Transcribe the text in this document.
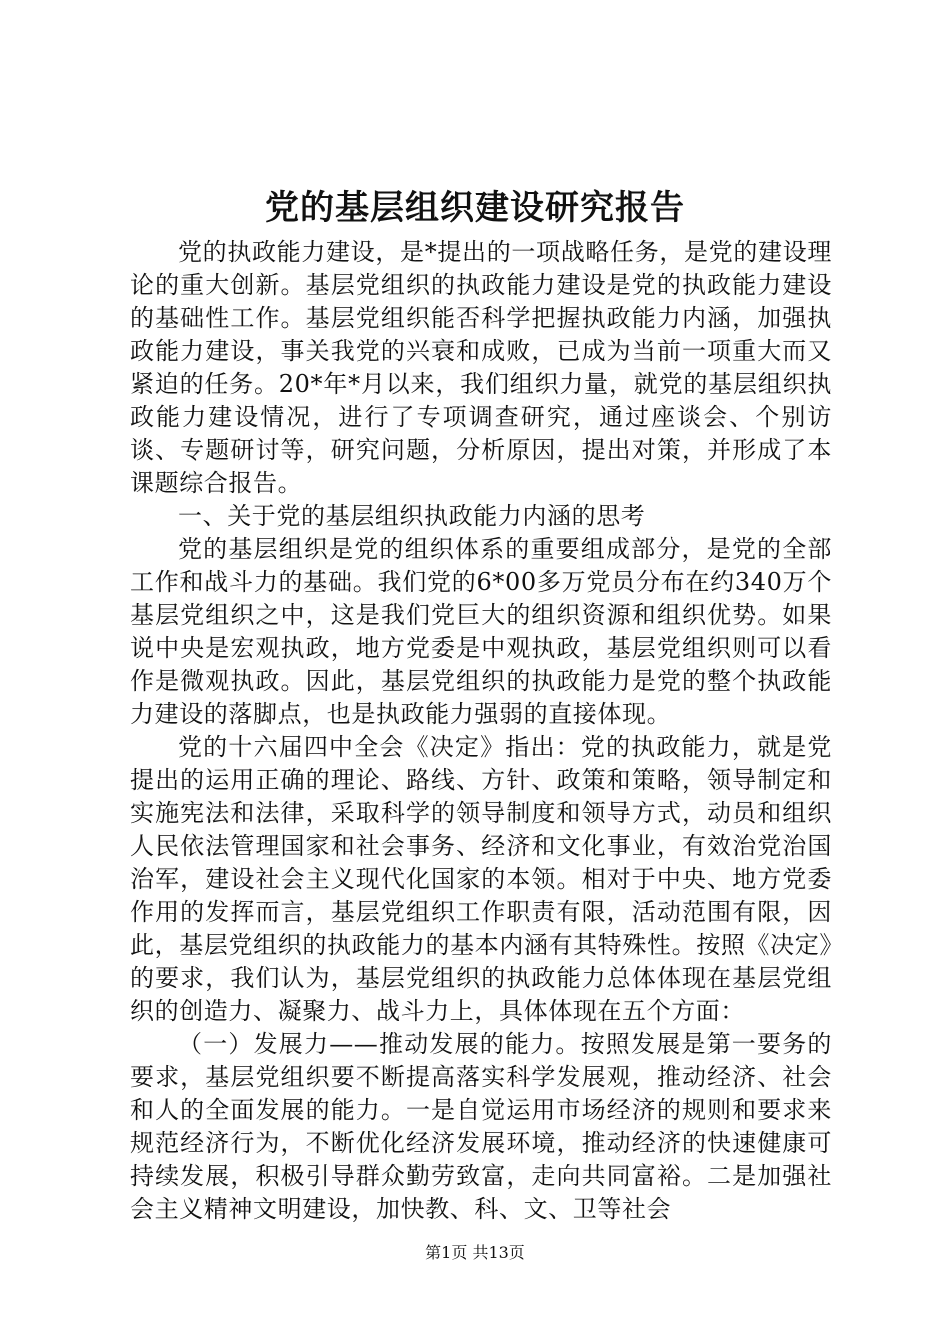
党的基层组织建设研究报告

党的执政能力建设，是*提出的一项战略任务，是党的建设理论的重大创新。基层党组织的执政能力建设是党的执政能力建设的基础性工作。基层党组织能否科学把握执政能力内涵，加强执政能力建设，事关我党的兴衰和成败，已成为当前一项重大而又紧迫的任务。20*年*月以来，我们组织力量，就党的基层组织执政能力建设情况，进行了专项调查研究，通过座谈会、个别访谈、专题研讨等，研究问题，分析原因，提出对策，并形成了本课题综合报告。

一、关于党的基层组织执政能力内涵的思考

党的基层组织是党的组织体系的重要组成部分，是党的全部工作和战斗力的基础。我们党的6*00多万党员分布在约340万个基层党组织之中，这是我们党巨大的组织资源和组织优势。如果说中央是宏观执政，地方党委是中观执政，基层党组织则可以看作是微观执政。因此，基层党组织的执政能力是党的整个执政能力建设的落脚点，也是执政能力强弱的直接体现。

党的十六届四中全会《决定》指出：党的执政能力，就是党提出的运用正确的理论、路线、方针、政策和策略，领导制定和实施宪法和法律，采取科学的领导制度和领导方式，动员和组织人民依法管理国家和社会事务、经济和文化事业，有效治党治国治军，建设社会主义现代化国家的本领。相对于中央、地方党委作用的发挥而言，基层党组织工作职责有限，活动范围有限，因此，基层党组织的执政能力的基本内涵有其特殊性。按照《决定》的要求，我们认为，基层党组织的执政能力总体体现在基层党组织的创造力、凝聚力、战斗力上，具体体现在五个方面：

（一）发展力——推动发展的能力。按照发展是第一要务的要求，基层党组织要不断提高落实科学发展观，推动经济、社会和人的全面发展的能力。一是自觉运用市场经济的规则和要求来规范经济行为，不断优化经济发展环境，推动经济的快速健康可持续发展，积极引导群众勤劳致富，走向共同富裕。二是加强社会主义精神文明建设，加快教、科、文、卫等社会

第1页 共13页
